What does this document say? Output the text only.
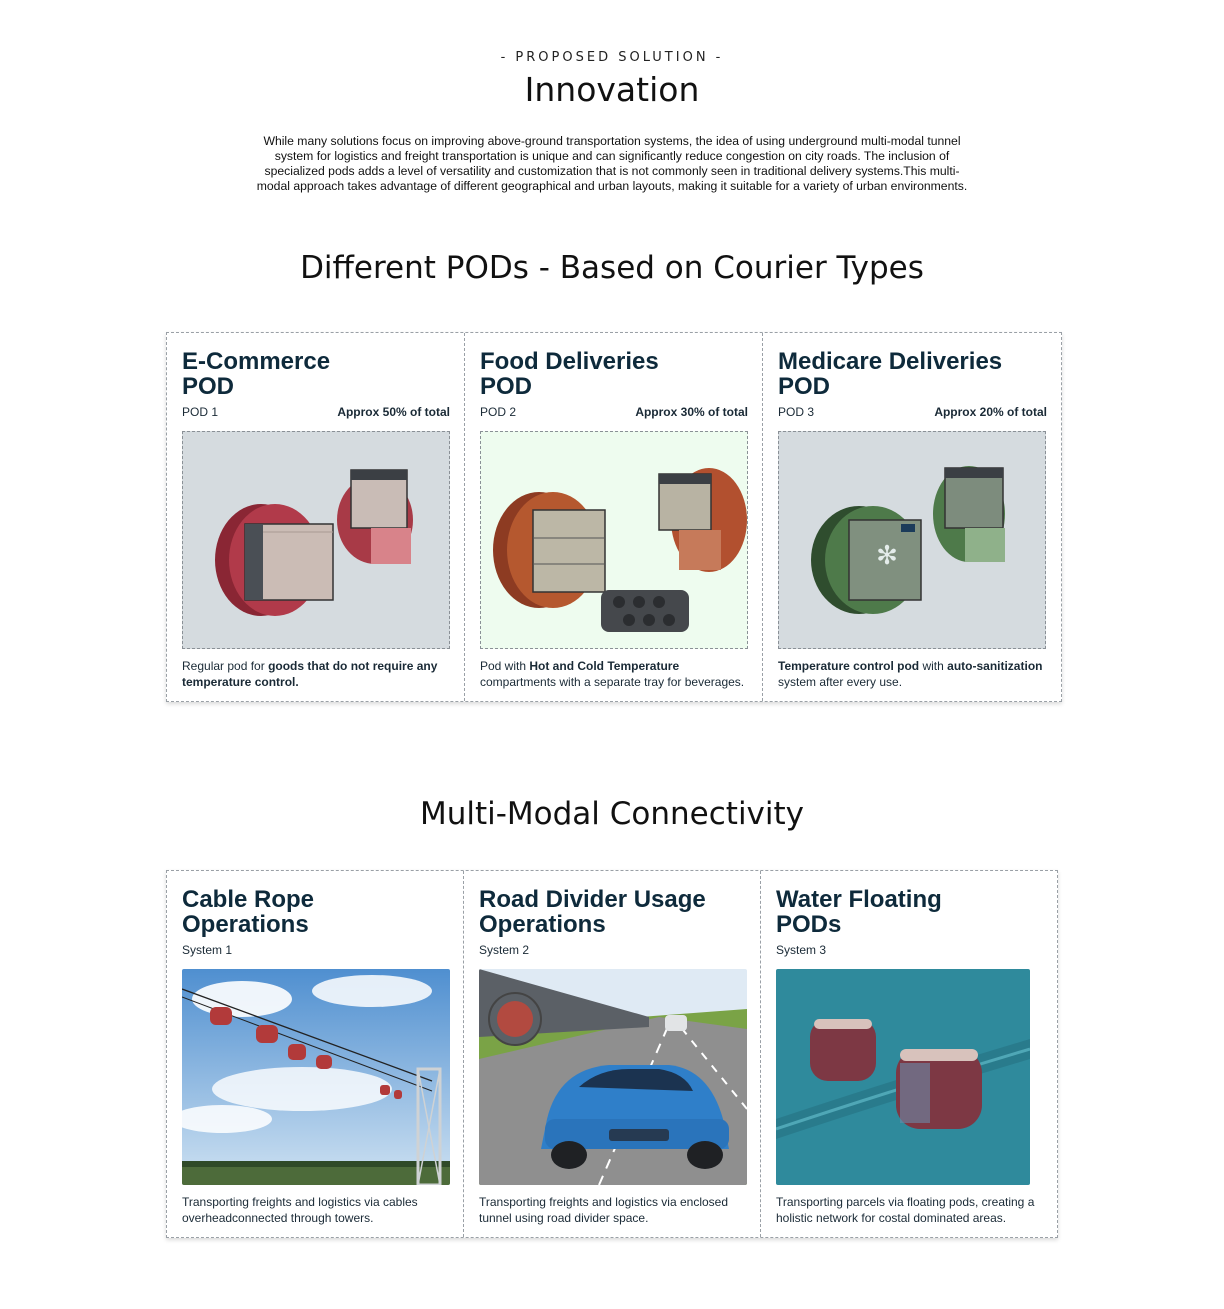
- PROPOSED SOLUTION -
Innovation

While many solutions focus on improving above-ground transportation systems, the idea of using underground multi-modal tunnel system for logistics and freight transportation is unique and can significantly reduce congestion on city roads. The inclusion of specialized pods adds a level of versatility and customization that is not commonly seen in traditional delivery systems.This multi-modal approach takes advantage of different geographical and urban layouts, making it suitable for a variety of urban environments.

Different PODs - Based on Courier Types
E-Commerce
POD
POD 1	Approx 50% of total
Regular pod for goods that do not require any temperature control.
Food Deliveries
POD
POD 2	Approx 30% of total
Pod with Hot and Cold Temperature compartments with a separate tray for beverages.
Medicare Deliveries
POD
POD 3	Approx 20% of total
✻
Temperature control pod with auto-sanitization system after every use.
Multi-Modal Connectivity
Cable Rope
Operations
System 1
Transporting freights and logistics via cables overheadconnected through towers.
Road Divider Usage
Operations
System 2
Transporting freights and logistics via enclosed tunnel using road divider space.
Water Floating
PODs
System 3
Transporting parcels via floating pods, creating a holistic network for costal dominated areas.
